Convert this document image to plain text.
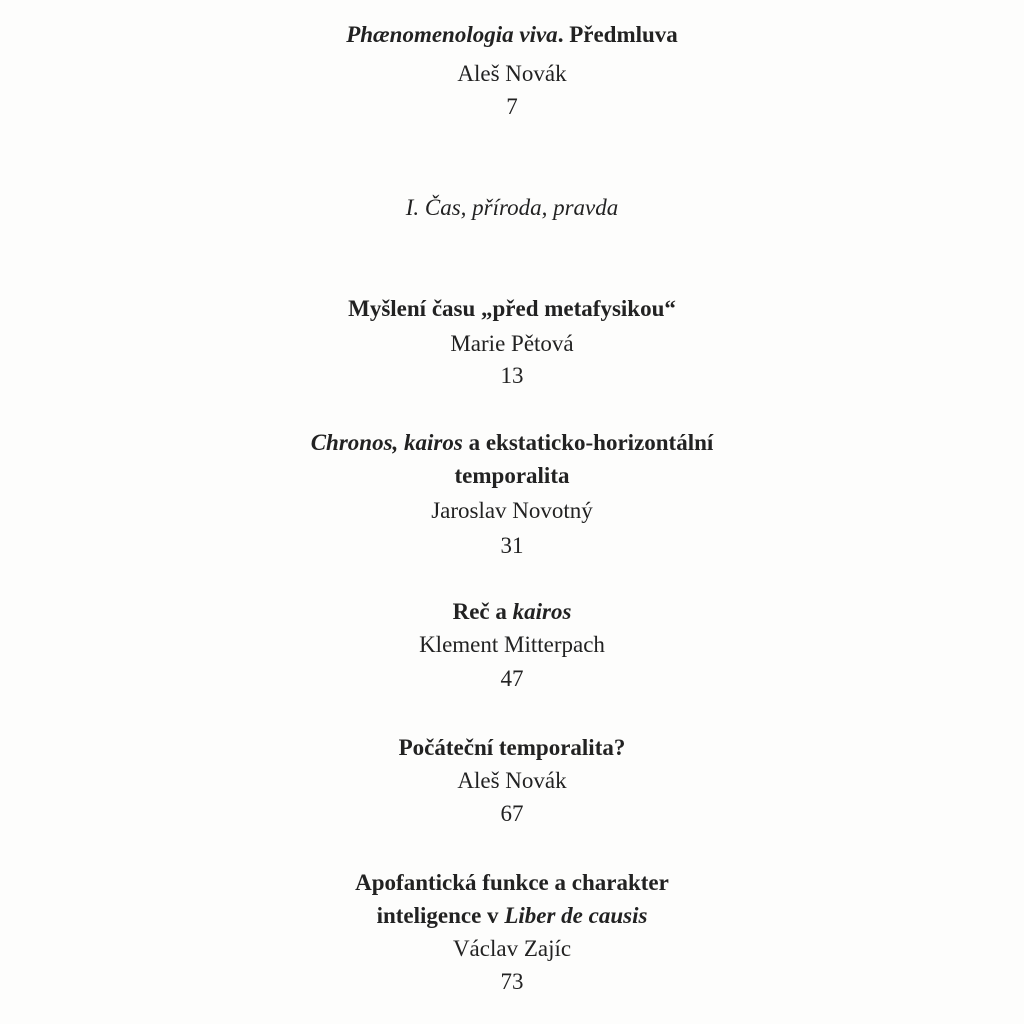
Phænomenologia viva. Předmluva
Aleš Novák
7
I. Čas, příroda, pravda
Myšlení času „před metafysikou“
Marie Pětová
13
Chronos, kairos a ekstaticko-horizontální
temporalita
Jaroslav Novotný
31
Reč a kairos
Klement Mitterpach
47
Počáteční temporalita?
Aleš Novák
67
Apofantická funkce a charakter
inteligence v Liber de causis
Václav Zajíc
73
